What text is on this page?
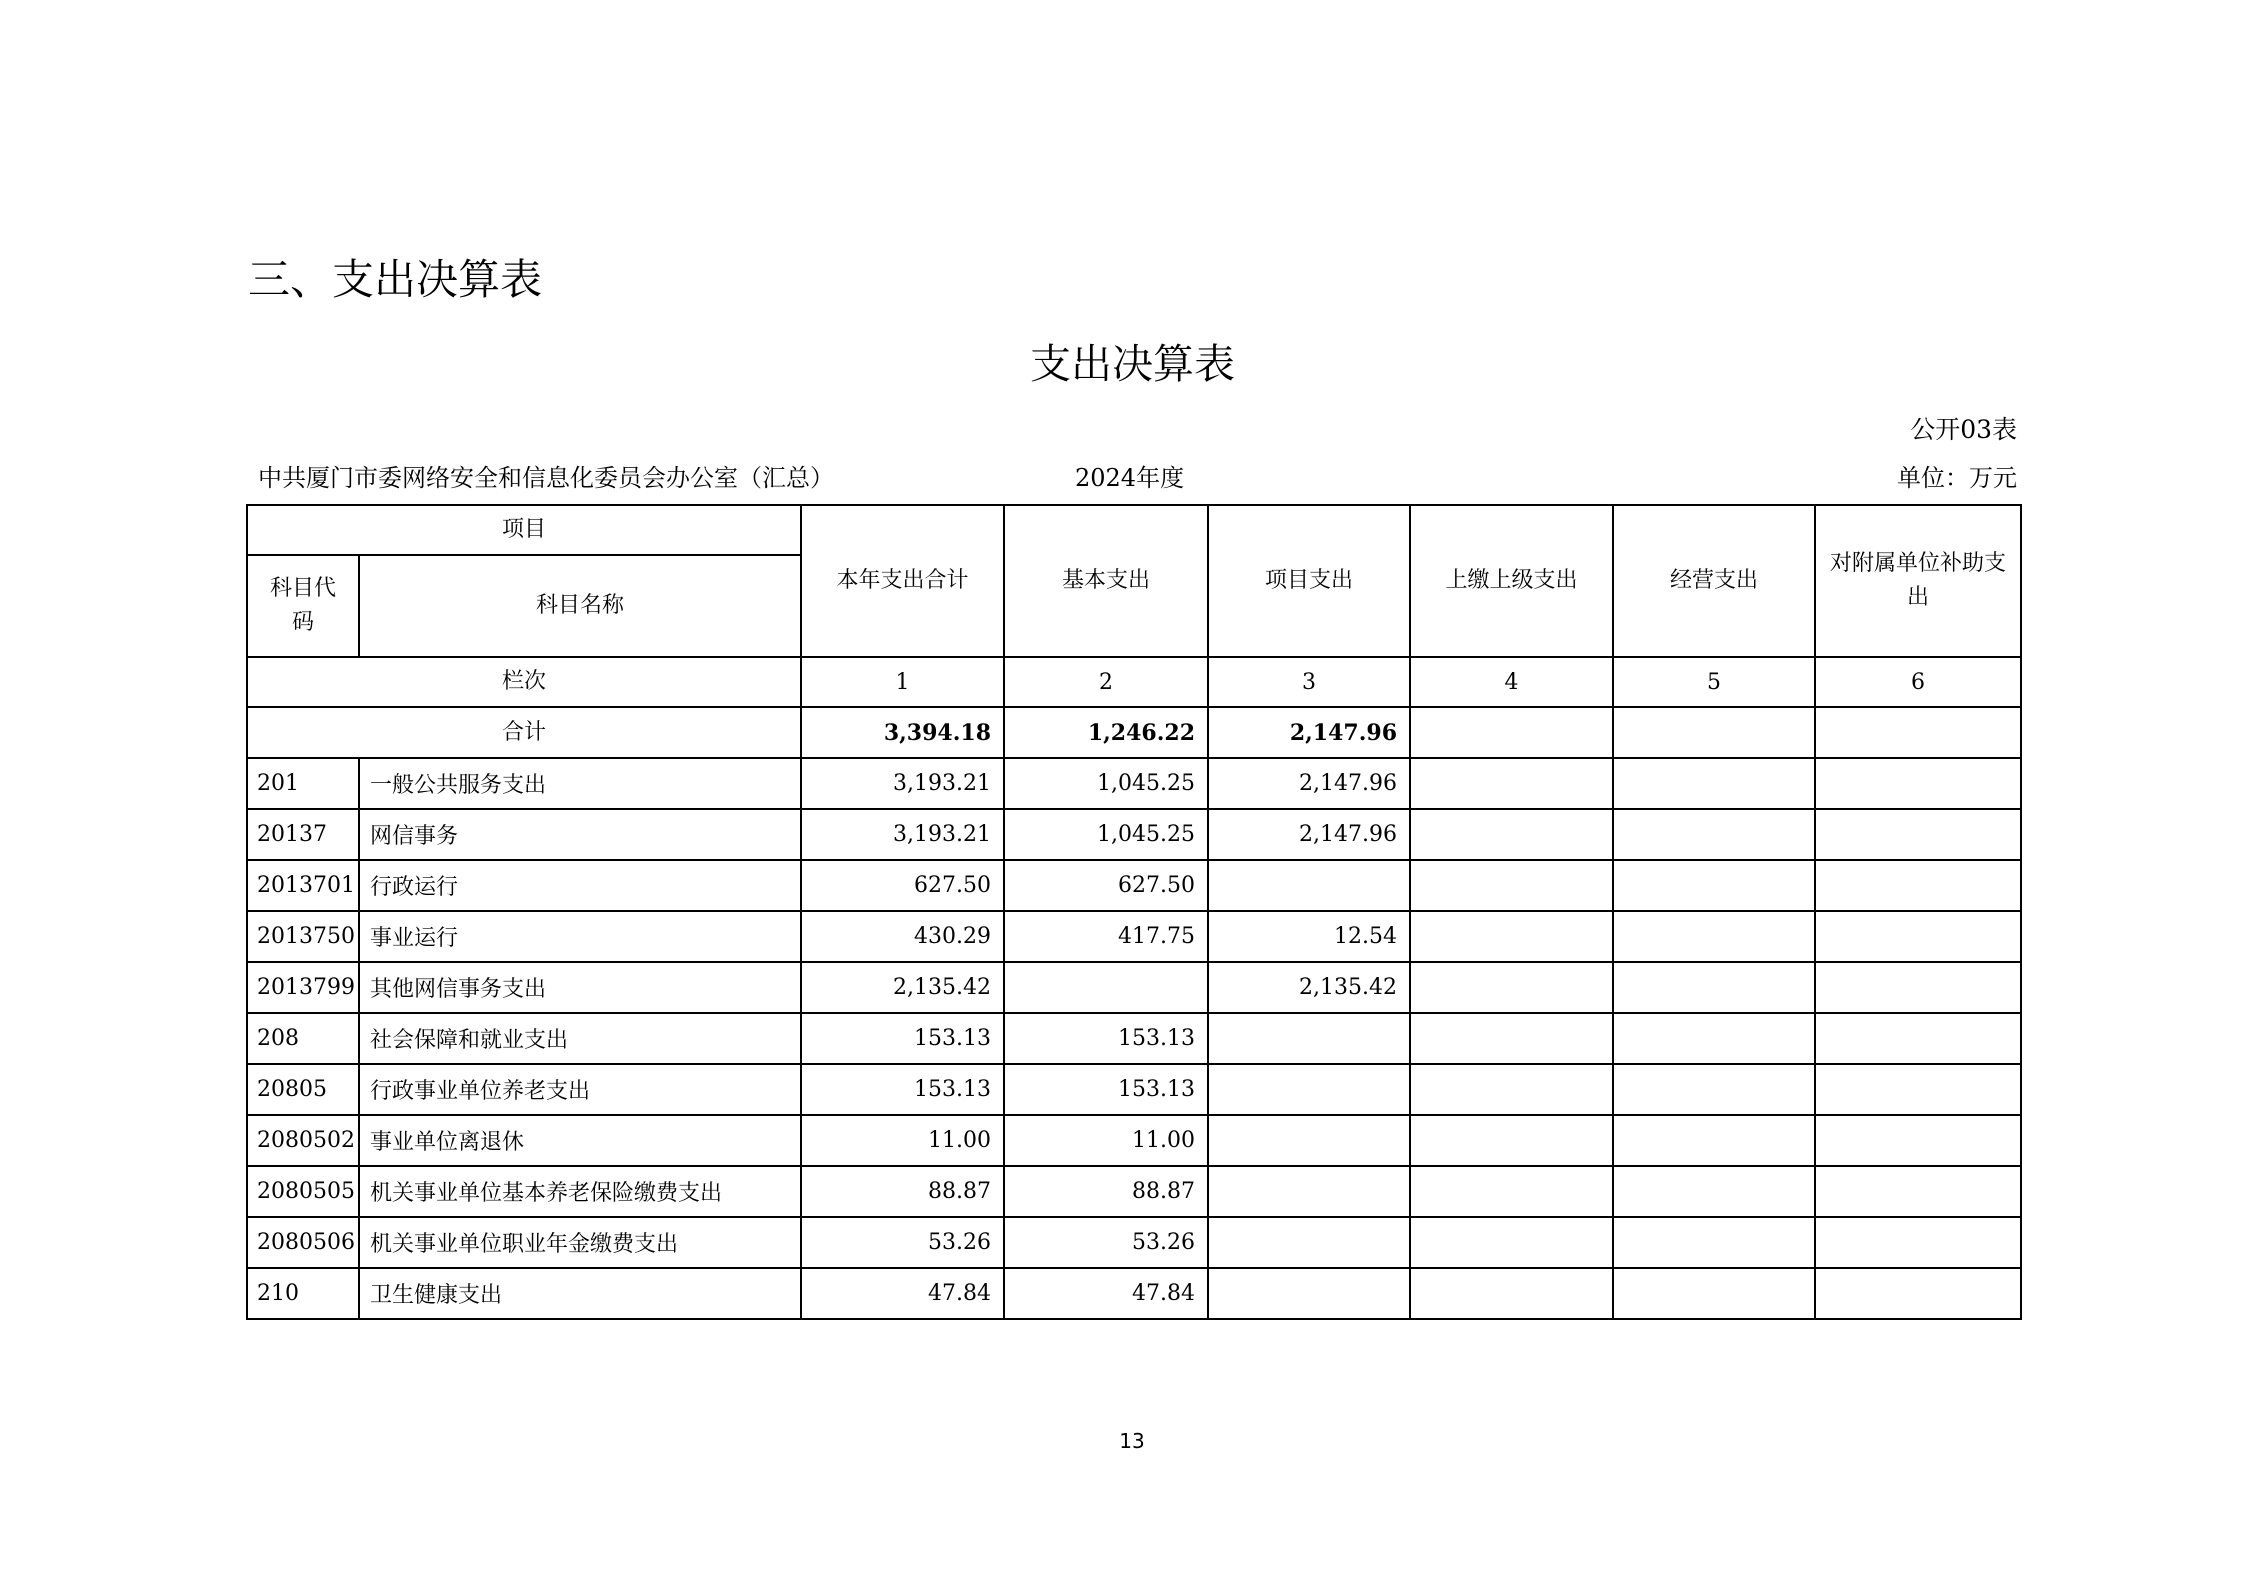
三、支出决算表
支出决算表
公开03表
中共厦门市委网络安全和信息化委员会办公室（汇总）	2024年度	单位：万元
项目		本年支出合计	基本支出	项目支出	上缴上级支出	经营支出	对附属单位补助支出
科目代码	科目名称						
栏次		1	2	3	4	5	6
合计		3,394.18	1,246.22	2,147.96			
201	一般公共服务支出	3,193.21	1,045.25	2,147.96			
20137	网信事务	3,193.21	1,045.25	2,147.96			
2013701	行政运行	627.50	627.50				
2013750	事业运行	430.29	417.75	12.54			
2013799	其他网信事务支出	2,135.42		2,135.42			
208	社会保障和就业支出	153.13	153.13				
20805	行政事业单位养老支出	153.13	153.13				
2080502	事业单位离退休	11.00	11.00				
2080505	机关事业单位基本养老保险缴费支出	88.87	88.87				
2080506	机关事业单位职业年金缴费支出	53.26	53.26				
210	卫生健康支出	47.84	47.84				
13
